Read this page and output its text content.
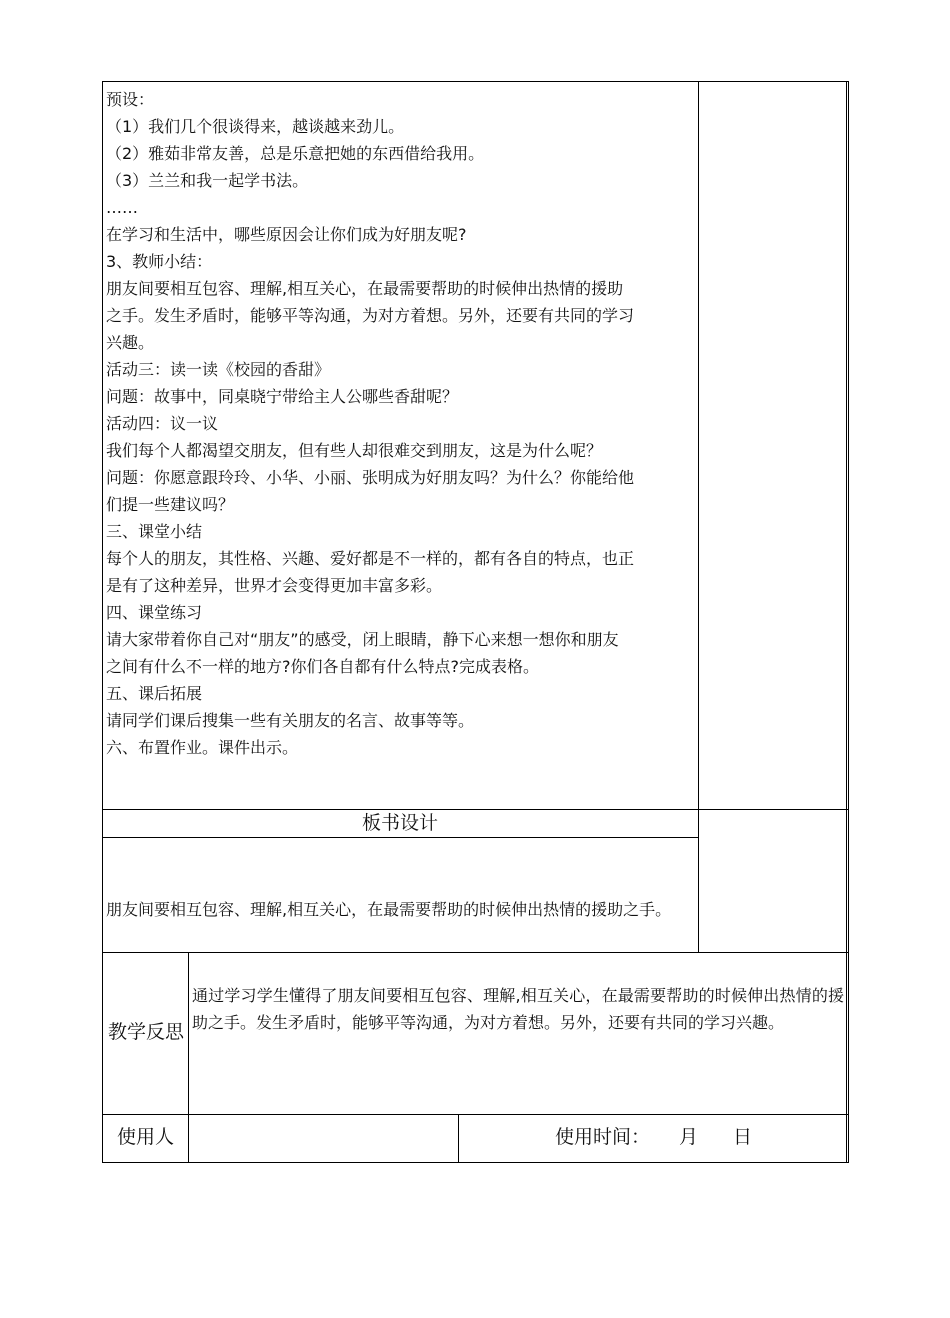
预设：
（1）我们几个很谈得来，越谈越来劲儿。
（2）雅茹非常友善，总是乐意把她的东西借给我用。
（3）兰兰和我一起学书法。
……
在学习和生活中，哪些原因会让你们成为好朋友呢?
3、教师小结：
朋友间要相互包容、理解,相互关心，在最需要帮助的时候伸出热情的援助
之手。发生矛盾时，能够平等沟通，为对方着想。另外，还要有共同的学习
兴趣。
活动三：读一读《校园的香甜》
问题：故事中，同桌晓宁带给主人公哪些香甜呢？
活动四：议一议
我们每个人都渴望交朋友，但有些人却很难交到朋友，这是为什么呢？
问题：你愿意跟玲玲、小华、小丽、张明成为好朋友吗？为什么？你能给他
们提一些建议吗？
三、课堂小结
每个人的朋友，其性格、兴趣、爱好都是不一样的，都有各自的特点，也正
是有了这种差异，世界才会变得更加丰富多彩。
四、课堂练习
请大家带着你自己对“朋友”的感受，闭上眼睛，静下心来想一想你和朋友
之间有什么不一样的地方?你们各自都有什么特点?完成表格。
五、课后拓展
请同学们课后搜集一些有关朋友的名言、故事等等。
六、布置作业。课件出示。
板书设计
朋友间要相互包容、理解,相互关心，在最需要帮助的时候伸出热情的援助之手。
教学反思
通过学习学生懂得了朋友间要相互包容、理解,相互关心，在最需要帮助的时候伸出热情的援助之手。发生矛盾时，能够平等沟通，为对方着想。另外，还要有共同的学习兴趣。
使用人	使用时间： 月 日
